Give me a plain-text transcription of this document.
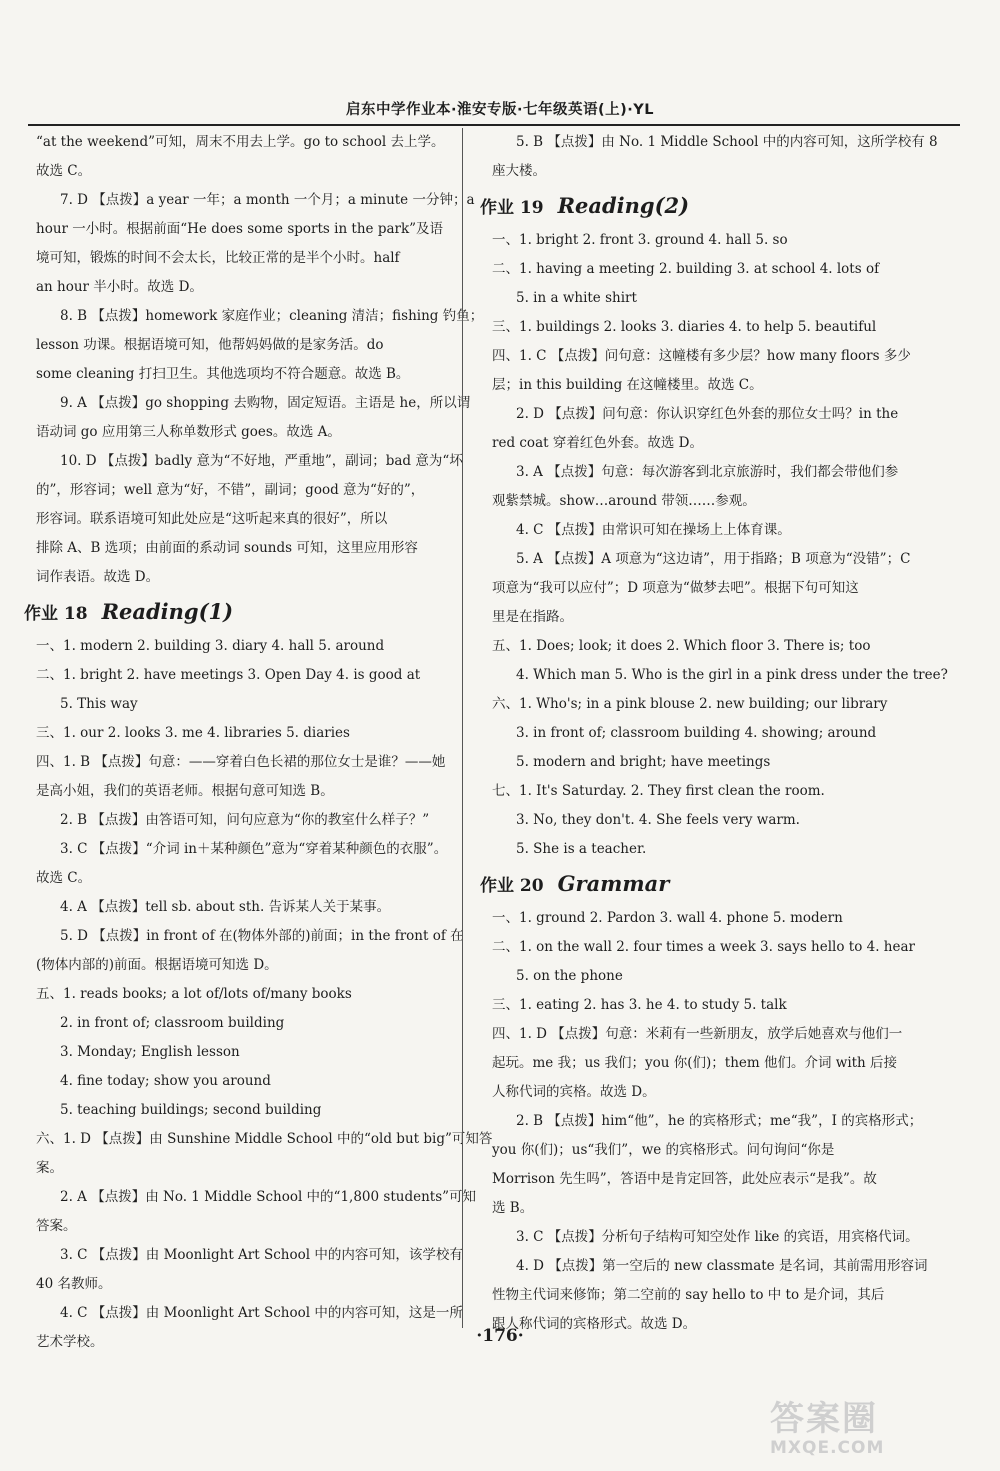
启东中学作业本·淮安专版·七年级英语(上)·YL
“at the weekend”可知，周末不用去上学。go to school 去上学。
故选 C。
7. D 【点拨】a year 一年；a month 一个月；a minute 一分钟；a
hour 一小时。根据前面“He does some sports in the park”及语
境可知，锻炼的时间不会太长，比较正常的是半个小时。half
an hour 半小时。故选 D。
8. B 【点拨】homework 家庭作业；cleaning 清洁；fishing 钓鱼；
lesson 功课。根据语境可知，他帮妈妈做的是家务活。do
some cleaning 打扫卫生。其他选项均不符合题意。故选 B。
9. A 【点拨】go shopping 去购物，固定短语。主语是 he，所以谓
语动词 go 应用第三人称单数形式 goes。故选 A。
10. D 【点拨】badly 意为“不好地，严重地”，副词；bad 意为“坏
的”，形容词；well 意为“好，不错”，副词；good 意为“好的”，
形容词。联系语境可知此处应是“这听起来真的很好”，所以
排除 A、B 选项；由前面的系动词 sounds 可知，这里应用形容
词作表语。故选 D。
作业 18 Reading(1)
一、1. modern 2. building 3. diary 4. hall 5. around
二、1. bright 2. have meetings 3. Open Day 4. is good at
5. This way
三、1. our 2. looks 3. me 4. libraries 5. diaries
四、1. B 【点拨】句意：——穿着白色长裙的那位女士是谁？——她
是高小姐，我们的英语老师。根据句意可知选 B。
2. B 【点拨】由答语可知，问句应意为“你的教室什么样子？”
3. C 【点拨】“介词 in＋某种颜色”意为“穿着某种颜色的衣服”。
故选 C。
4. A 【点拨】tell sb. about sth. 告诉某人关于某事。
5. D 【点拨】in front of 在(物体外部的)前面；in the front of 在
(物体内部的)前面。根据语境可知选 D。
五、1. reads books; a lot of/lots of/many books
2. in front of; classroom building
3. Monday; English lesson
4. fine today; show you around
5. teaching buildings; second building
六、1. D 【点拨】由 Sunshine Middle School 中的“old but big”可知答
案。
2. A 【点拨】由 No. 1 Middle School 中的“1,800 students”可知
答案。
3. C 【点拨】由 Moonlight Art School 中的内容可知，该学校有
40 名教师。
4. C 【点拨】由 Moonlight Art School 中的内容可知，这是一所
艺术学校。
5. B 【点拨】由 No. 1 Middle School 中的内容可知，这所学校有 8
座大楼。
作业 19 Reading(2)
一、1. bright 2. front 3. ground 4. hall 5. so
二、1. having a meeting 2. building 3. at school 4. lots of
5. in a white shirt
三、1. buildings 2. looks 3. diaries 4. to help 5. beautiful
四、1. C 【点拨】问句意：这幢楼有多少层？how many floors 多少
层；in this building 在这幢楼里。故选 C。
2. D 【点拨】问句意：你认识穿红色外套的那位女士吗？in the
red coat 穿着红色外套。故选 D。
3. A 【点拨】句意：每次游客到北京旅游时，我们都会带他们参
观紫禁城。show…around 带领……参观。
4. C 【点拨】由常识可知在操场上上体育课。
5. A 【点拨】A 项意为“这边请”，用于指路；B 项意为“没错”；C
项意为“我可以应付”；D 项意为“做梦去吧”。根据下句可知这
里是在指路。
五、1. Does; look; it does 2. Which floor 3. There is; too
4. Which man 5. Who is the girl in a pink dress under the tree?
六、1. Who's; in a pink blouse 2. new building; our library
3. in front of; classroom building 4. showing; around
5. modern and bright; have meetings
七、1. It's Saturday. 2. They first clean the room.
3. No, they don't. 4. She feels very warm.
5. She is a teacher.
作业 20 Grammar
一、1. ground 2. Pardon 3. wall 4. phone 5. modern
二、1. on the wall 2. four times a week 3. says hello to 4. hear
5. on the phone
三、1. eating 2. has 3. he 4. to study 5. talk
四、1. D 【点拨】句意：米莉有一些新朋友，放学后她喜欢与他们一
起玩。me 我；us 我们；you 你(们)；them 他们。介词 with 后接
人称代词的宾格。故选 D。
2. B 【点拨】him“他”，he 的宾格形式；me“我”，I 的宾格形式；
you 你(们)；us“我们”，we 的宾格形式。问句询问“你是
Morrison 先生吗”，答语中是肯定回答，此处应表示“是我”。故
选 B。
3. C 【点拨】分析句子结构可知空处作 like 的宾语，用宾格代词。
4. D 【点拨】第一空后的 new classmate 是名词，其前需用形容词
性物主代词来修饰；第二空前的 say hello to 中 to 是介词，其后
跟人称代词的宾格形式。故选 D。
·176·
答案圈
MXQE.COM
